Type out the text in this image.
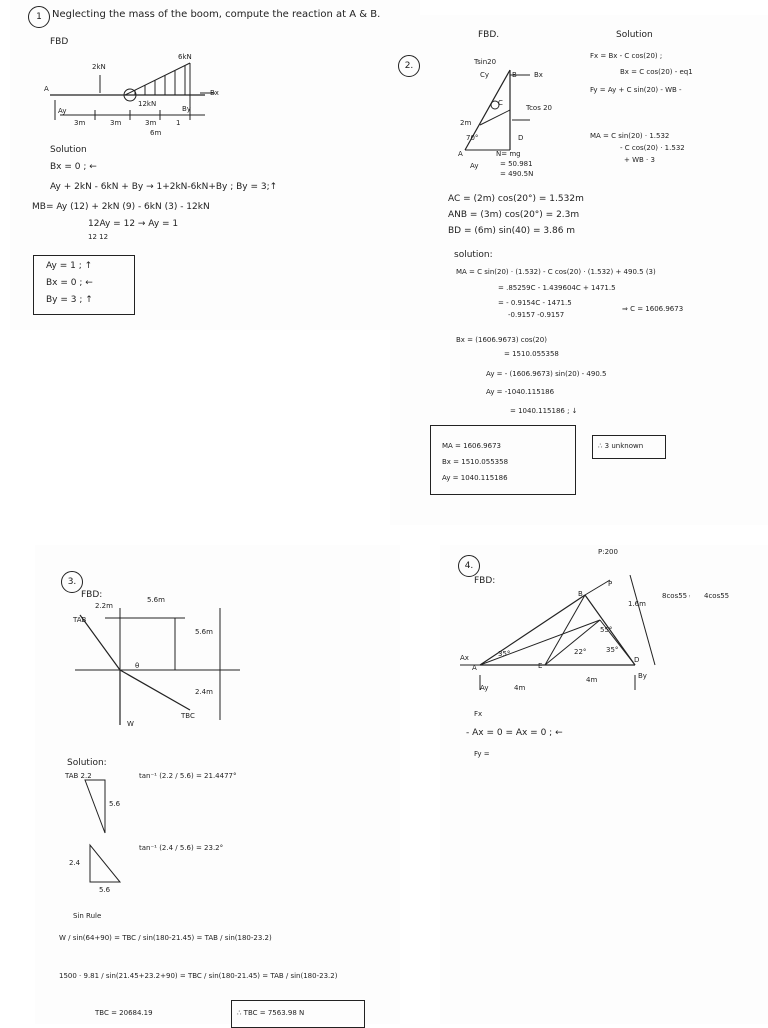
1	Neglecting the mass of the boom, compute the reaction at A & B.
FBD
A
2kN
6kN
12kN
Bx
By
Ay
3m	3m	3m	1
6m
Solution
Bx = 0 ; ←
Ay + 2kN - 6kN + By → 1+2kN-6kN+By ; By = 3;↑
MB= Ay (12) + 2kN (9) - 6kN (3) - 12kN
12Ay = 12 → Ay = 1
12 12
Ay = 1 ; ↑
Bx = 0 ; ←
By = 3 ; ↑
2.
FBD.
Tsin20
Cy	B Bx
C
Tcos 20
2m
70°	D
A
Ay
N= mg
= 50.981
= 490.5N
Solution
Fx = Bx - C cos(20) ;
Bx = C cos(20) - eq1
Fy = Ay + C sin(20) - WB -
MA = C sin(20) · 1.532
- C cos(20) · 1.532
+ WB · 3
AC = (2m) cos(20°) = 1.532m
ANB = (3m) cos(20°) = 2.3m
BD = (6m) sin(40) = 3.86 m
solution:
MA = C sin(20) · (1.532) - C cos(20) · (1.532) + 490.5 (3)
= .85259C - 1.439604C + 1471.5
= - 0.9154C - 1471.5
-0.9157 -0.9157
⇒ C = 1606.9673
Bx = (1606.9673) cos(20)
= 1510.055358
Ay = - (1606.9673) sin(20) - 490.5
Ay = -1040.115186
= 1040.115186 ; ↓
MA = 1606.9673
Bx = 1510.055358
Ay = 1040.115186
∴ 3 unknown
3.
FBD:
2.2m
5.6m
5.6m
2.4m
TAB
TBC
W
θ
Solution:
TAB 2.2
5.6
tan⁻¹ (2.2 / 5.6) = 21.4477°
2.4
5.6
tan⁻¹ (2.4 / 5.6) = 23.2°
Sin Rule
W / sin(64+90) = TBC / sin(180-21.45) = TAB / sin(180-23.2)
1500 · 9.81 / sin(21.45+23.2+90) = TBC / sin(180-21.45) = TAB / sin(180-23.2)
TBC = 20684.19	∴ TBC = 7563.98 N
4.
P:200
FBD:
B
P
E
D
A
Ax
Ay
By
35°
55°
22°	35°
1.6m
8cos55 4cos55
4m
4m
Fx
- Ax = 0 = Ax = 0 ; ←
Fy =
